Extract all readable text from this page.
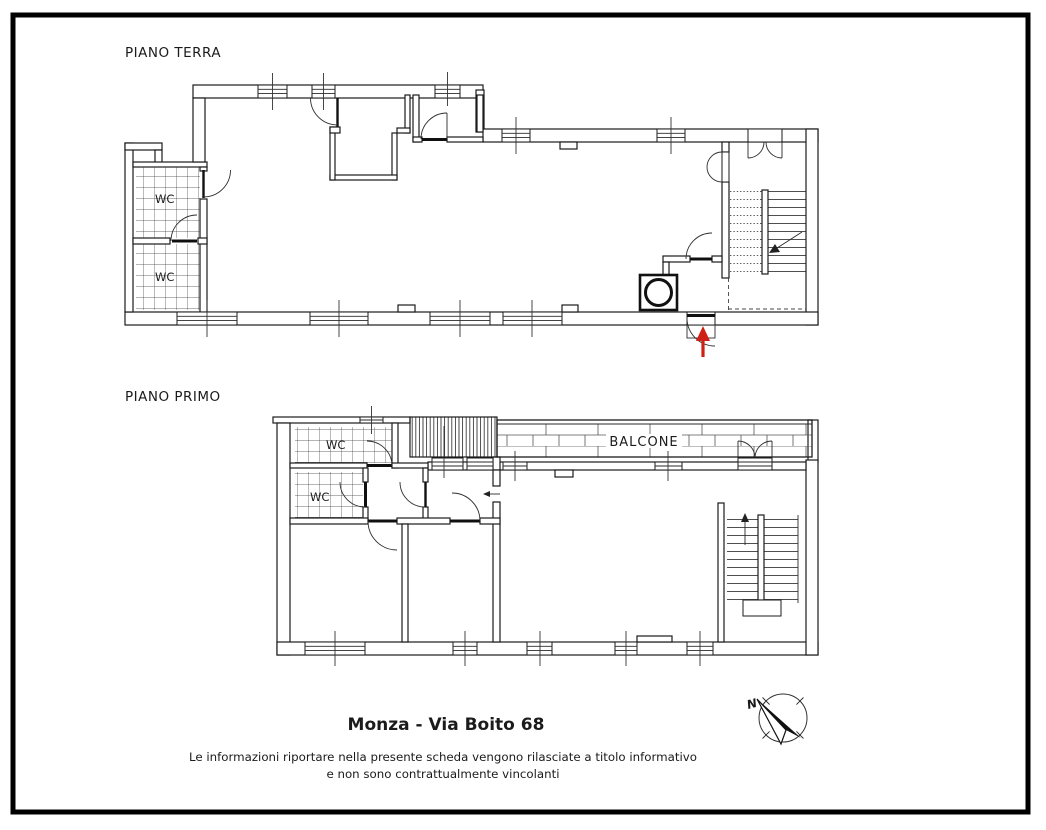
PIANO TERRA
WC
WC
PIANO PRIMO
BALCONE
WC
WC
Monza - Via Boito 68
Le informazioni riportare nella presente scheda vengono rilasciate a titolo informativo
e non sono contrattualmente vincolanti
N
